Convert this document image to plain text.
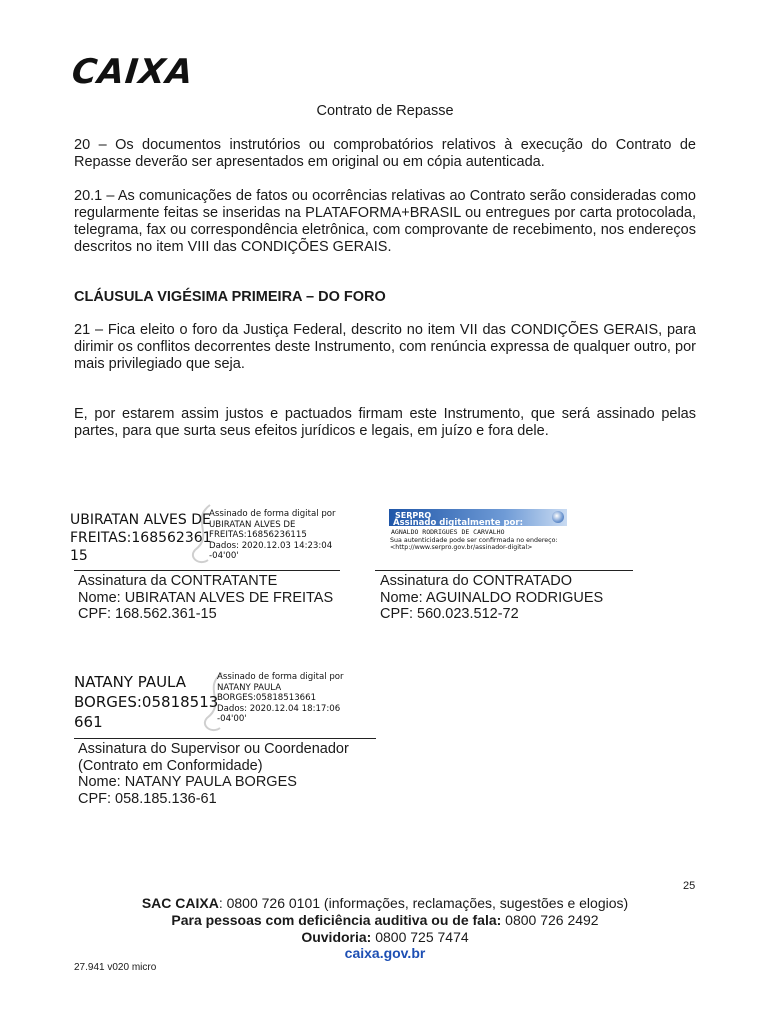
CAIXA
Contrato de Repasse

20 – Os documentos instrutórios ou comprobatórios relativos à execução do Contrato de Repasse deverão ser apresentados em original ou em cópia autenticada.

20.1 – As comunicações de fatos ou ocorrências relativas ao Contrato serão consideradas como regularmente feitas se inseridas na PLATAFORMA+BRASIL ou entregues por carta protocolada, telegrama, fax ou correspondência eletrônica, com comprovante de recebimento, nos endereços descritos no item VIII das CONDIÇÕES GERAIS.

CLÁUSULA VIGÉSIMA PRIMEIRA – DO FORO

21 – Fica eleito o foro da Justiça Federal, descrito no item VII das CONDIÇÕES GERAIS, para dirimir os conflitos decorrentes deste Instrumento, com renúncia expressa de qualquer outro, por mais privilegiado que seja.

E, por estarem assim justos e pactuados firmam este Instrumento, que será assinado pelas partes, para que surta seus efeitos jurídicos e legais, em juízo e fora dele.

UBIRATAN ALVES DE
FREITAS:168562361
15
Assinado de forma digital por
UBIRATAN ALVES DE
FREITAS:16856236115
Dados: 2020.12.03 14:23:04
-04'00'
Assinatura da CONTRATANTE
Nome: UBIRATAN ALVES DE FREITAS
CPF: 168.562.361-15
SERPRO
Assinado digitalmente por:
AGNALDO RODRIGUES DE CARVALHO
Sua autenticidade pode ser confirmada no endereço:
<http://www.serpro.gov.br/assinador-digital>
Assinatura do CONTRATADO
Nome: AGUINALDO RODRIGUES
CPF: 560.023.512-72
NATANY PAULA
BORGES:05818513
661
Assinado de forma digital por
NATANY PAULA
BORGES:05818513661
Dados: 2020.12.04 18:17:06
-04'00'
Assinatura do Supervisor ou Coordenador
(Contrato em Conformidade)
Nome: NATANY PAULA BORGES
CPF: 058.185.136-61
25
SAC CAIXA: 0800 726 0101 (informações, reclamações, sugestões e elogios)
Para pessoas com deficiência auditiva ou de fala: 0800 726 2492
Ouvidoria: 0800 725 7474
caixa.gov.br
27.941 v020 micro
